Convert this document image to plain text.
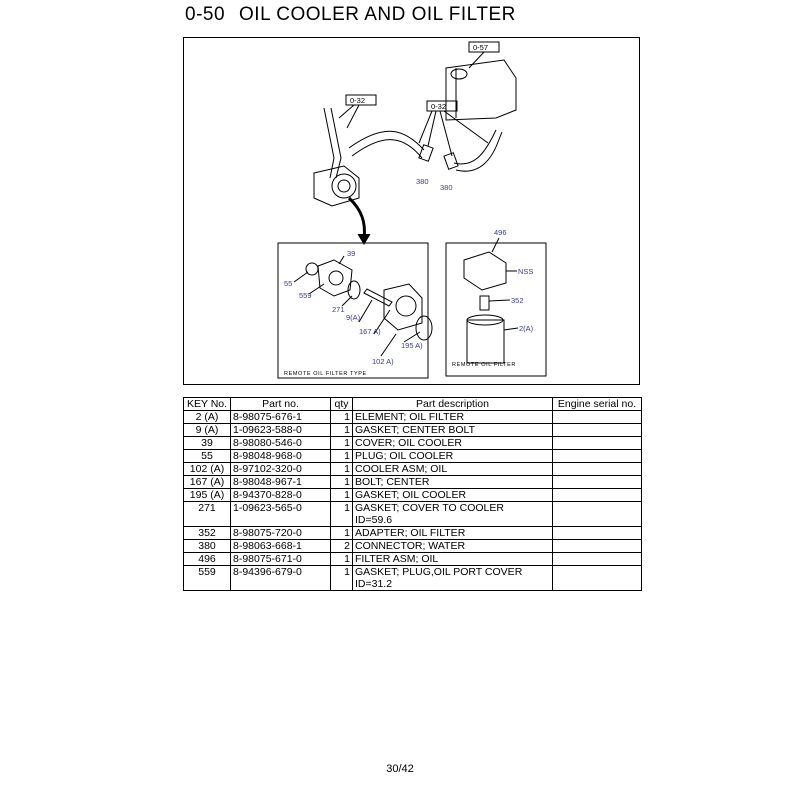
0-50 OIL COOLER AND OIL FILTER
0-57
0-32
0-32
380
380
39
55
559
271
9(A)
167 A)
195 A)
102 A)
496
NSS
352
2(A)
REMOTE OIL FILTER TYPE
REMOTE OIL FILTER
KEY No.	Part no.	qty	Part description	Engine serial no.
2 (A)	8-98075-676-1	1	ELEMENT; OIL FILTER	

9 (A)	1-09623-588-0	1	GASKET; CENTER BOLT	

39	8-98080-546-0	1	COVER; OIL COOLER	

55	8-98048-968-0	1	PLUG; OIL COOLER	

102 (A)	8-97102-320-0	1	COOLER ASM; OIL	

167 (A)	8-98048-967-1	1	BOLT; CENTER	

195 (A)	8-94370-828-0	1	GASKET; OIL COOLER	

271	1-09623-565-0	1	GASKET; COVER TO COOLER
ID=59.6	

352	8-98075-720-0	1	ADAPTER; OIL FILTER	

380	8-98063-668-1	2	CONNECTOR; WATER	

496	8-98075-671-0	1	FILTER ASM; OIL	

559	8-94396-679-0	1	GASKET; PLUG,OIL PORT COVER
ID=31.2	

30/42
